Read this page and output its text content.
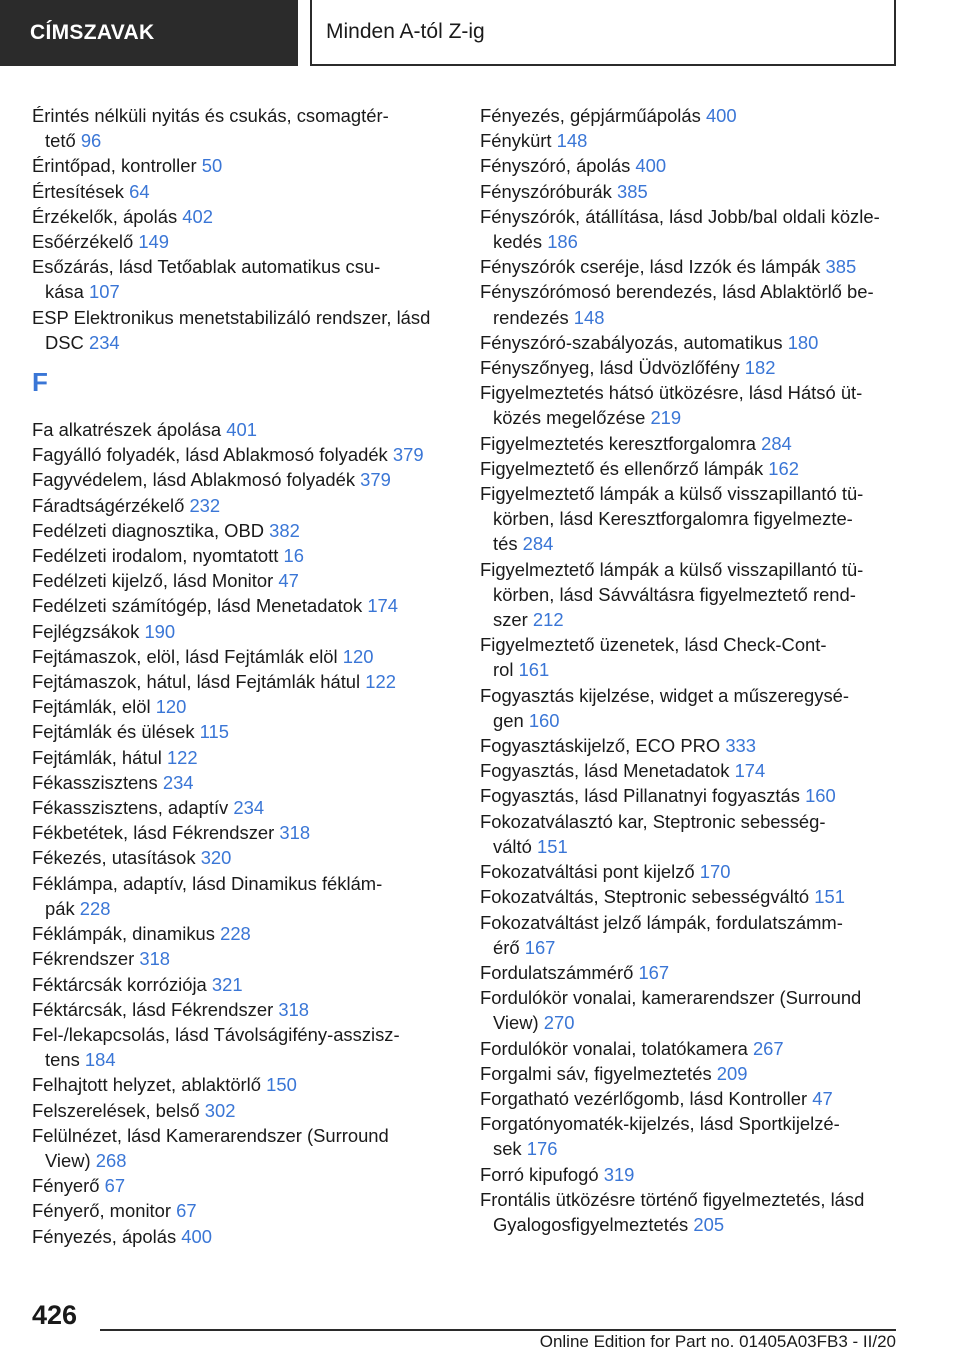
CÍMSZAVAK	Minden A-tól Z-ig
Érintés nélküli nyitás és csukás, csomagtér-
tető 96
Érintőpad, kontroller 50
Értesítések 64
Érzékelők, ápolás 402
Esőérzékelő 149
Esőzárás, lásd Tetőablak automatikus csu-
kása 107
ESP Elektronikus menetstabilizáló rendszer, lásd
DSC 234
F
Fa alkatrészek ápolása 401
Fagyálló folyadék, lásd Ablakmosó folyadék 379
Fagyvédelem, lásd Ablakmosó folyadék 379
Fáradtságérzékelő 232
Fedélzeti diagnosztika, OBD 382
Fedélzeti irodalom, nyomtatott 16
Fedélzeti kijelző, lásd Monitor 47
Fedélzeti számítógép, lásd Menetadatok 174
Fejlégzsákok 190
Fejtámaszok, elöl, lásd Fejtámlák elöl 120
Fejtámaszok, hátul, lásd Fejtámlák hátul 122
Fejtámlák, elöl 120
Fejtámlák és ülések 115
Fejtámlák, hátul 122
Fékasszisztens 234
Fékasszisztens, adaptív 234
Fékbetétek, lásd Fékrendszer 318
Fékezés, utasítások 320
Féklámpa, adaptív, lásd Dinamikus féklám-
pák 228
Féklámpák, dinamikus 228
Fékrendszer 318
Féktárcsák korróziója 321
Féktárcsák, lásd Fékrendszer 318
Fel-/lekapcsolás, lásd Távolságifény-asszisz-
tens 184
Felhajtott helyzet, ablaktörlő 150
Felszerelések, belső 302
Felülnézet, lásd Kamerarendszer (Surround
View) 268
Fényerő 67
Fényerő, monitor 67
Fényezés, ápolás 400
Fényezés, gépjárműápolás 400
Fénykürt 148
Fényszóró, ápolás 400
Fényszóróburák 385
Fényszórók, átállítása, lásd Jobb/bal oldali közle-
kedés 186
Fényszórók cseréje, lásd Izzók és lámpák 385
Fényszórómosó berendezés, lásd Ablaktörlő be-
rendezés 148
Fényszóró-szabályozás, automatikus 180
Fényszőnyeg, lásd Üdvözlőfény 182
Figyelmeztetés hátsó ütközésre, lásd Hátsó üt-
közés megelőzése 219
Figyelmeztetés keresztforgalomra 284
Figyelmeztető és ellenőrző lámpák 162
Figyelmeztető lámpák a külső visszapillantó tü-
körben, lásd Keresztforgalomra figyelmezte-
tés 284
Figyelmeztető lámpák a külső visszapillantó tü-
körben, lásd Sávváltásra figyelmeztető rend-
szer 212
Figyelmeztető üzenetek, lásd Check-Cont-
rol 161
Fogyasztás kijelzése, widget a műszeregysé-
gen 160
Fogyasztáskijelző, ECO PRO 333
Fogyasztás, lásd Menetadatok 174
Fogyasztás, lásd Pillanatnyi fogyasztás 160
Fokozatválasztó kar, Steptronic sebesség-
váltó 151
Fokozatváltási pont kijelző 170
Fokozatváltás, Steptronic sebességváltó 151
Fokozatváltást jelző lámpák, fordulatszámm-
érő 167
Fordulatszámmérő 167
Fordulókör vonalai, kamerarendszer (Surround
View) 270
Fordulókör vonalai, tolatókamera 267
Forgalmi sáv, figyelmeztetés 209
Forgatható vezérlőgomb, lásd Kontroller 47
Forgatónyomaték-kijelzés, lásd Sportkijelzé-
sek 176
Forró kipufogó 319
Frontális ütközésre történő figyelmeztetés, lásd
Gyalogosfigyelmeztetés 205
426
Online Edition for Part no. 01405A03FB3 - II/20
